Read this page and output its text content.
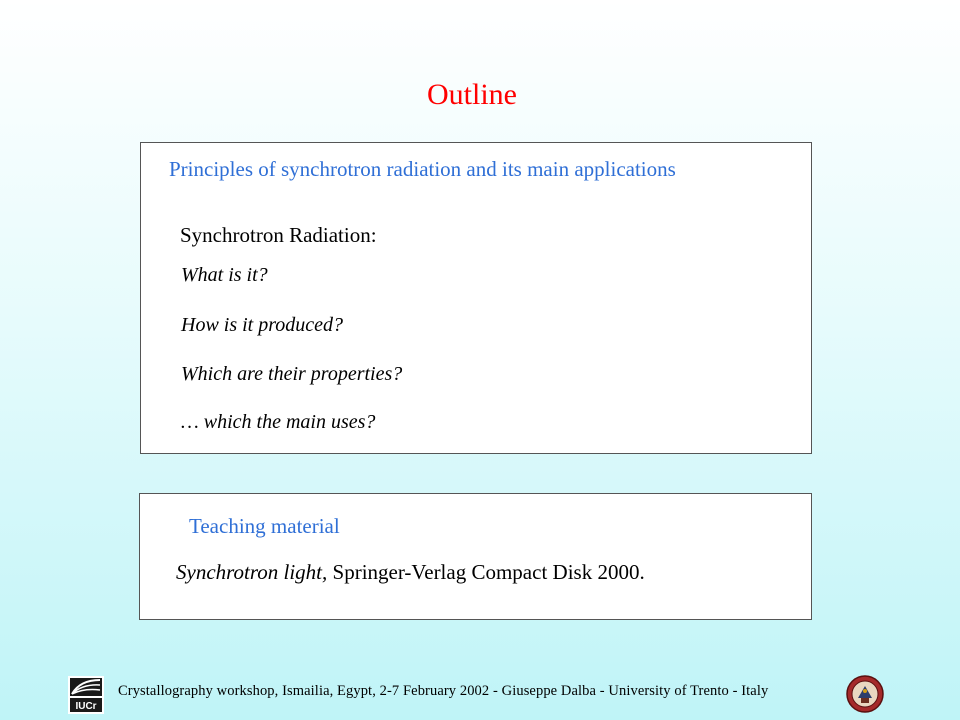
Outline
Principles of synchrotron radiation and its main applications
Synchrotron Radiation:
What is it?
How is it produced?
Which are their properties?
… which the main uses?
Teaching material
Synchrotron light, Springer-Verlag Compact Disk 2000.
IUCr
Crystallography workshop, Ismailia, Egypt, 2-7 February 2002 - Giuseppe Dalba - University of Trento - Italy
